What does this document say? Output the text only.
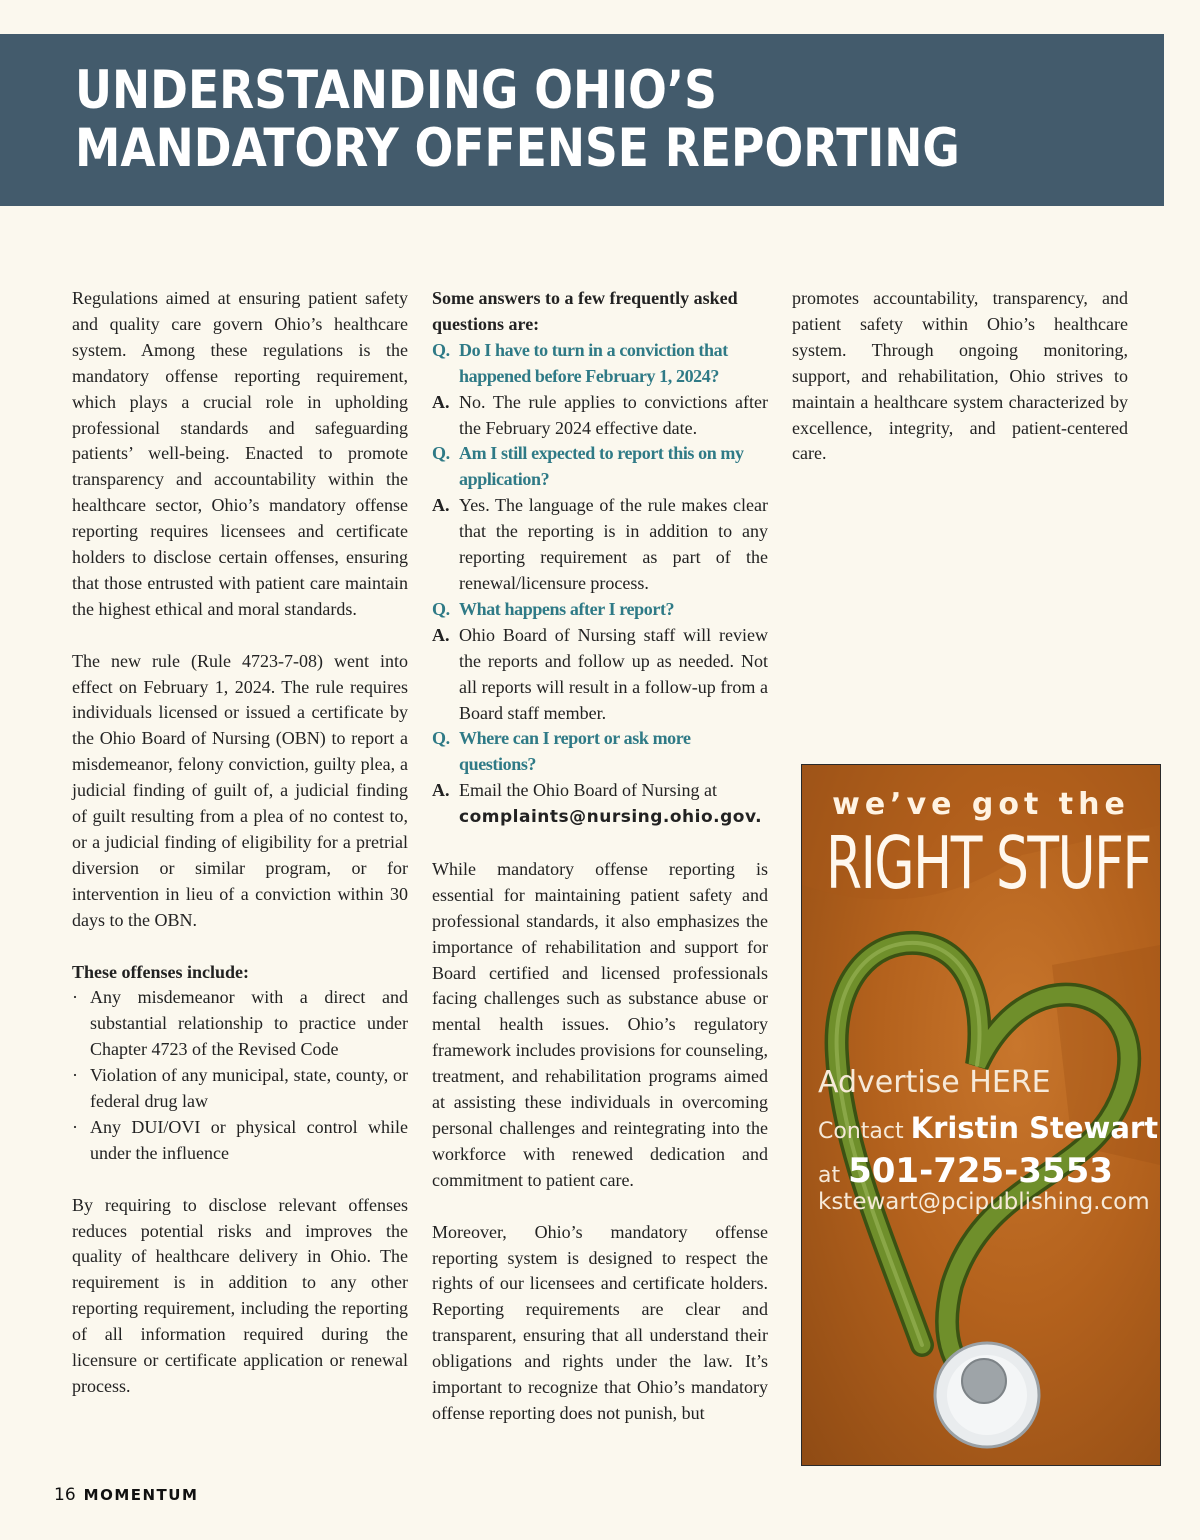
UNDERSTANDING OHIO’S MANDATORY OFFENSE REPORTING

Regulations aimed at ensuring patient safety and quality care govern Ohio’s healthcare system. Among these regulations is the mandatory offense reporting requirement, which plays a crucial role in upholding professional standards and safeguarding patients’ well-being. Enacted to promote transparency and accountability within the healthcare sector, Ohio’s mandatory offense reporting requires licensees and certificate holders to disclose certain offenses, ensuring that those entrusted with patient care maintain the highest ethical and moral standards.

The new rule (Rule 4723-7-08) went into effect on February 1, 2024. The rule requires individuals licensed or issued a certificate by the Ohio Board of Nursing (OBN) to report a misdemeanor, felony conviction, guilty plea, a judicial finding of guilt of, a judicial finding of guilt resulting from a plea of no contest to, or a judicial finding of eligibility for a pretrial diversion or similar program, or for intervention in lieu of a conviction within 30 days to the OBN.

These offenses include:
· Any misdemeanor with a direct and substantial relationship to practice under Chapter 4723 of the Revised Code
· Violation of any municipal, state, county, or federal drug law
· Any DUI/OVI or physical control while under the influence

By requiring to disclose relevant offenses reduces potential risks and improves the quality of healthcare delivery in Ohio. The requirement is in addition to any other reporting requirement, including the reporting of all information required during the licensure or certificate application or renewal process.

Some answers to a few frequently asked questions are:
Q. Do I have to turn in a conviction that happened before February 1, 2024?
A. No. The rule applies to convictions after the February 2024 effective date.
Q. Am I still expected to report this on my application?
A. Yes. The language of the rule makes clear that the reporting is in addition to any reporting requirement as part of the renewal/licensure process.
Q. What happens after I report?
A. Ohio Board of Nursing staff will review the reports and follow up as needed. Not all reports will result in a follow-up from a Board staff member.
Q. Where can I report or ask more questions?
A. Email the Ohio Board of Nursing at
complaints@nursing.ohio.gov.

While mandatory offense reporting is essential for maintaining patient safety and professional standards, it also emphasizes the importance of rehabilitation and support for Board certified and licensed professionals facing challenges such as substance abuse or mental health issues. Ohio’s regulatory framework includes provisions for counseling, treatment, and rehabilitation programs aimed at assisting these individuals in overcoming personal challenges and reintegrating into the workforce with renewed dedication and commitment to patient care.

Moreover, Ohio’s mandatory offense reporting system is designed to respect the rights of our licensees and certificate holders. Reporting requirements are clear and transparent, ensuring that all understand their obligations and rights under the law. It’s important to recognize that Ohio’s mandatory offense reporting does not punish, but

promotes accountability, transparency, and patient safety within Ohio’s healthcare system. Through ongoing monitoring, support, and rehabilitation, Ohio strives to maintain a healthcare system characterized by excellence, integrity, and patient-centered care.

we’ve got the
RIGHT STUFF
Advertise HERE
Contact Kristin Stewart
at 501-725-3553
kstewart@pcipublishing.com
16 MOMENTUM
